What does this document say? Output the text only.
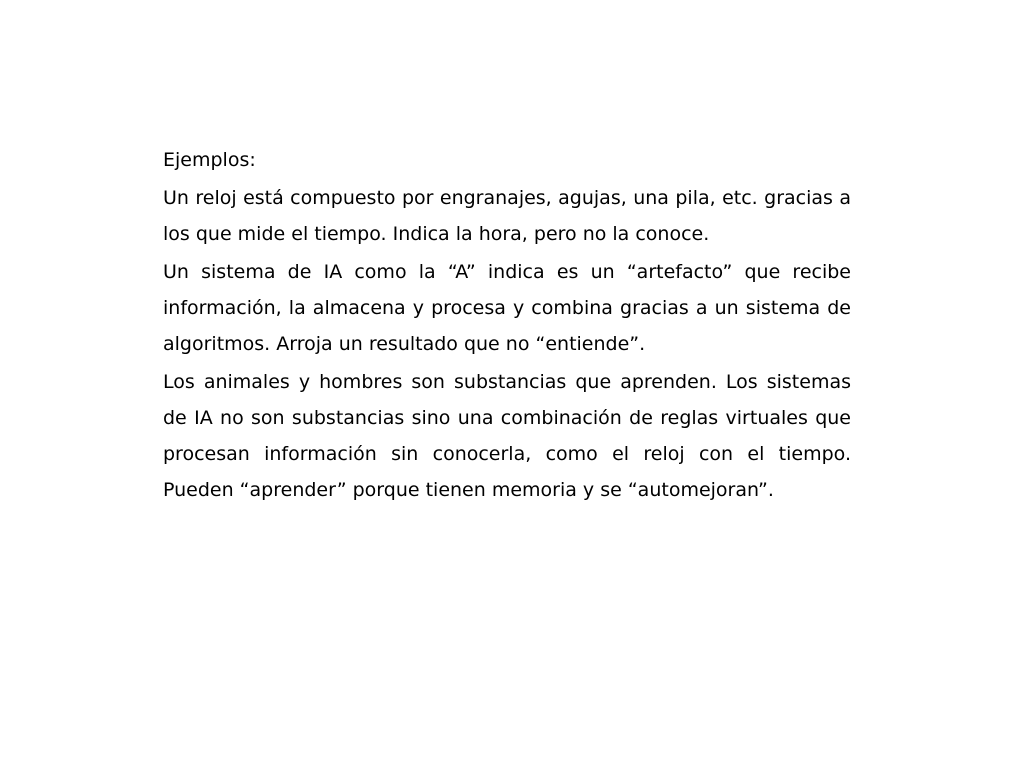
Ejemplos:

Un reloj está compuesto por engranajes, agujas, una pila, etc. gracias a los que mide el tiempo. Indica la hora, pero no la conoce.

Un sistema de IA como la “A” indica es un “artefacto” que recibe información, la almacena y procesa y combina gracias a un sistema de algoritmos. Arroja un resultado que no “entiende”.

Los animales y hombres son substancias que aprenden. Los sistemas de IA no son substancias sino una combinación de reglas virtuales que procesan información sin conocerla, como el reloj con el tiempo. Pueden “aprender” porque tienen memoria y se “automejoran”.
